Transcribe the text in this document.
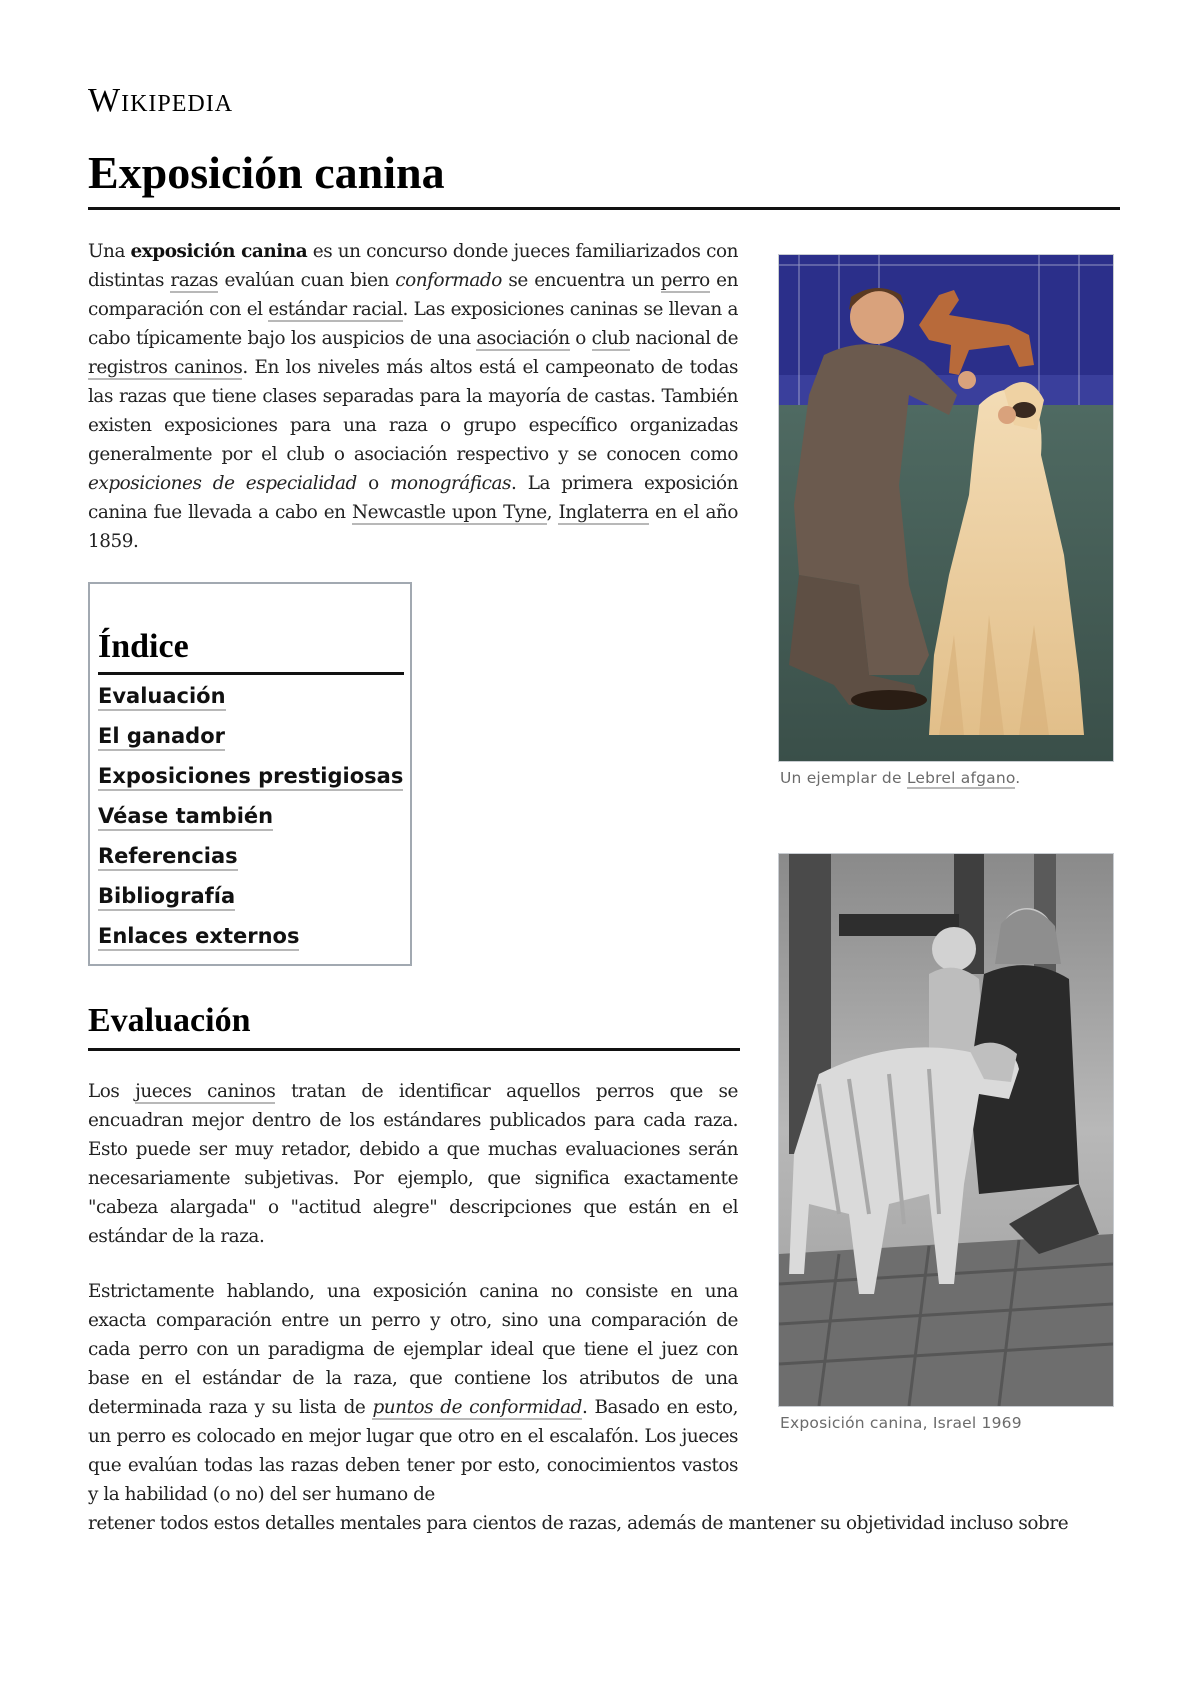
Wikipedia
Exposición canina

Una exposición canina es un concurso donde jueces familiarizados con distintas razas evalúan cuan bien conformado se encuentra un perro en comparación con el estándar racial. Las exposiciones caninas se llevan a cabo típicamente bajo los auspicios de una asociación o club nacional de registros caninos. En los niveles más altos está el campeonato de todas las razas que tiene clases separadas para la mayoría de castas. También existen exposiciones para una raza o grupo específico organizadas generalmente por el club o asociación respectivo y se conocen como exposiciones de especialidad o monográficas. La primera exposición canina fue llevada a cabo en Newcastle upon Tyne, Inglaterra en el año 1859.

Índice
Evaluación
El ganador
Exposiciones prestigiosas
Véase también
Referencias
Bibliografía
Enlaces externos
Evaluación

Los jueces caninos tratan de identificar aquellos perros que se encuadran mejor dentro de los estándares publicados para cada raza. Esto puede ser muy retador, debido a que muchas evaluaciones serán necesariamente subjetivas. Por ejemplo, que significa exactamente "cabeza alargada" o "actitud alegre" descripciones que están en el estándar de la raza.

Estrictamente hablando, una exposición canina no consiste en una exacta comparación entre un perro y otro, sino una comparación de cada perro con un paradigma de ejemplar ideal que tiene el juez con base en el estándar de la raza, que contiene los atributos de una determinada raza y su lista de puntos de conformidad. Basado en esto, un perro es colocado en mejor lugar que otro en el escalafón. Los jueces que evalúan todas las razas deben tener por esto, conocimientos vastos y la habilidad (o no) del ser humano de

retener todos estos detalles mentales para cientos de razas, además de mantener su objetividad incluso sobre

Un ejemplar de Lebrel afgano.
Exposición canina, Israel 1969
